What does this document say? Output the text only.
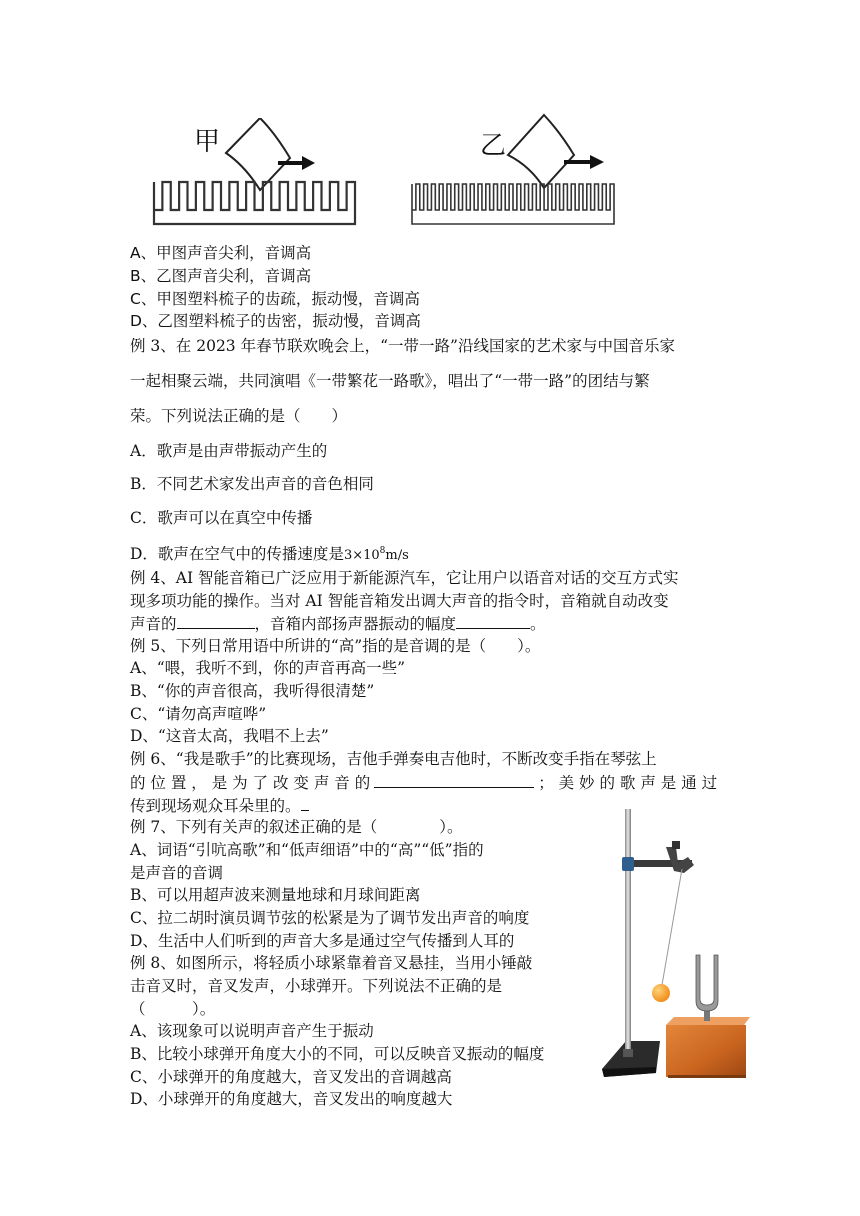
甲	乙
A、甲图声音尖利，音调高
B、乙图声音尖利，音调高
C、甲图塑料梳子的齿疏，振动慢，音调高
D、乙图塑料梳子的齿密，振动慢，音调高
例 3、在 2023 年春节联欢晚会上，“一带一路”沿线国家的艺术家与中国音乐家
一起相聚云端，共同演唱《一带繁花一路歌》，唱出了“一带一路”的团结与繁
荣。下列说法正确的是（　　）
A．歌声是由声带振动产生的
B．不同艺术家发出声音的音色相同
C．歌声可以在真空中传播
D．歌声在空气中的传播速度是$3\times 10^8m/s$
例 4、AI 智能音箱已广泛应用于新能源汽车，它让用户以语音对话的交互方式实
现多项功能的操作。当对 AI 智能音箱发出调大声音的指令时，音箱就自动改变
声音的	，音箱内部扬声器振动的幅度	。
例 5、下列日常用语中所讲的“高”指的是音调的是（　　）。
A、“喂，我听不到，你的声音再高一些”
B、“你的声音很高，我听得很清楚”
C、“请勿高声喧哗”
D、“这音太高，我唱不上去”
例 6、“我是歌手”的比赛现场，吉他手弹奏电吉他时，不断改变手指在琴弦上
的 位 置 ， 是 为 了 改 变 声 音 的	； 美 妙 的 歌 声 是 通 过
传到现场观众耳朵里的。
例 7、下列有关声的叙述正确的是（　　　　）。
A、词语“引吭高歌”和“低声细语”中的“高”“低”指的
是声音的音调
B、可以用超声波来测量地球和月球间距离
C、拉二胡时演员调节弦的松紧是为了调节发出声音的响度
D、生活中人们听到的声音大多是通过空气传播到人耳的
例 8、如图所示，将轻质小球紧靠着音叉悬挂，当用小锤敲
击音叉时，音叉发声，小球弹开。下列说法不正确的是
（　　　）。
A、该现象可以说明声音产生于振动
B、比较小球弹开角度大小的不同，可以反映音叉振动的幅度
C、小球弹开的角度越大，音叉发出的音调越高
D、小球弹开的角度越大，音叉发出的响度越大
